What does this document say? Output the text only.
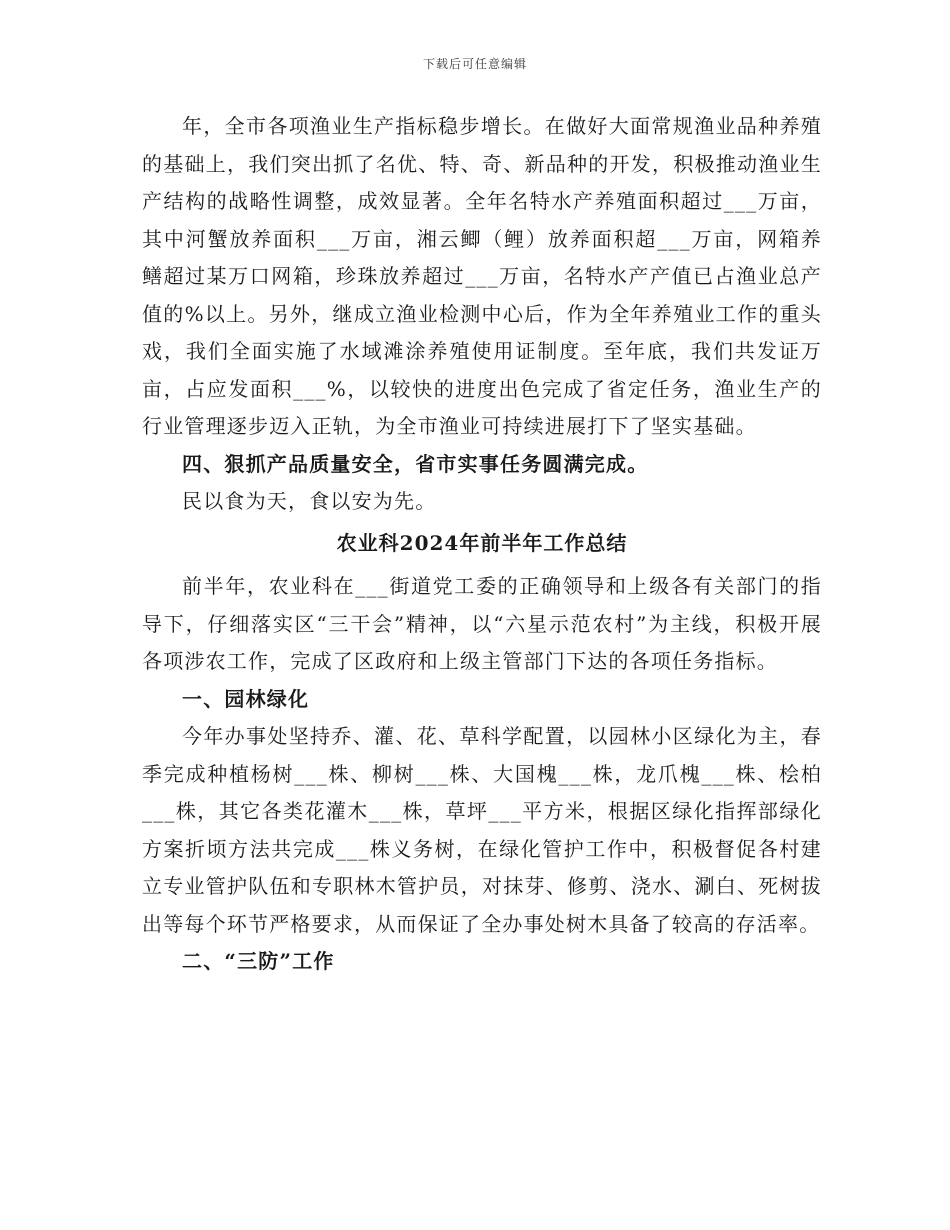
下载后可任意编辑

年，全市各项渔业生产指标稳步增长。在做好大面常规渔业品种养殖的基础上，我们突出抓了名优、特、奇、新品种的开发，积极推动渔业生产结构的战略性调整，成效显著。全年名特水产养殖面积超过___万亩，其中河蟹放养面积___万亩，湘云鲫（鲤）放养面积超___万亩，网箱养鳝超过某万口网箱，珍珠放养超过___万亩，名特水产产值已占渔业总产值的%以上。另外，继成立渔业检测中心后，作为全年养殖业工作的重头戏，我们全面实施了水域滩涂养殖使用证制度。至年底，我们共发证万亩，占应发面积___%，以较快的进度出色完成了省定任务，渔业生产的行业管理逐步迈入正轨，为全市渔业可持续进展打下了坚实基础。

四、狠抓产品质量安全，省市实事任务圆满完成。

民以食为天，食以安为先。

农业科2024年前半年工作总结

前半年，农业科在___街道党工委的正确领导和上级各有关部门的指导下，仔细落实区“三干会”精神，以“六星示范农村”为主线，积极开展各项涉农工作，完成了区政府和上级主管部门下达的各项任务指标。

一、园林绿化

今年办事处坚持乔、灌、花、草科学配置，以园林小区绿化为主，春季完成种植杨树___株、柳树___株、大国槐___株，龙爪槐___株、桧柏___株，其它各类花灌木___株，草坪___平方米，根据区绿化指挥部绿化方案折顷方法共完成___株义务树，在绿化管护工作中，积极督促各村建立专业管护队伍和专职林木管护员，对抹芽、修剪、浇水、涮白、死树拔出等每个环节严格要求，从而保证了全办事处树木具备了较高的存活率。

二、“三防”工作
